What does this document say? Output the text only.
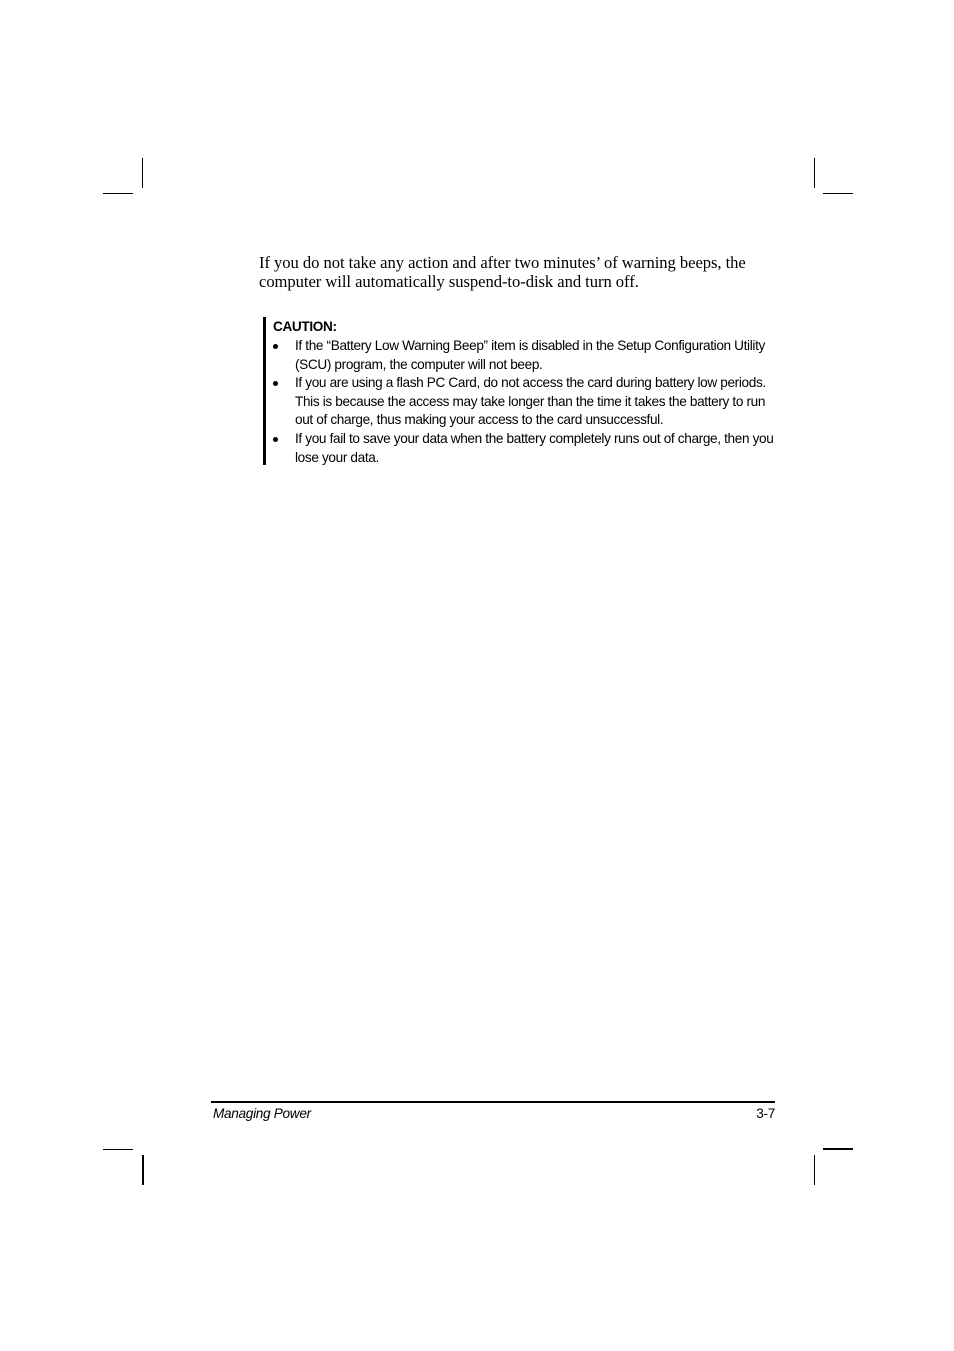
If you do not take any action and after two minutes’ of warning beeps, the computer will automatically suspend-to-disk and turn off.

CAUTION:

If the “Battery Low Warning Beep” item is disabled in the Setup Configuration Utility (SCU) program, the computer will not beep.
If you are using a flash PC Card, do not access the card during battery low periods. This is because the access may take longer than the time it takes the battery to run out of charge, thus making your access to the card unsuccessful.
If you fail to save your data when the battery completely runs out of charge, then you lose your data.
Managing Power	3-7
